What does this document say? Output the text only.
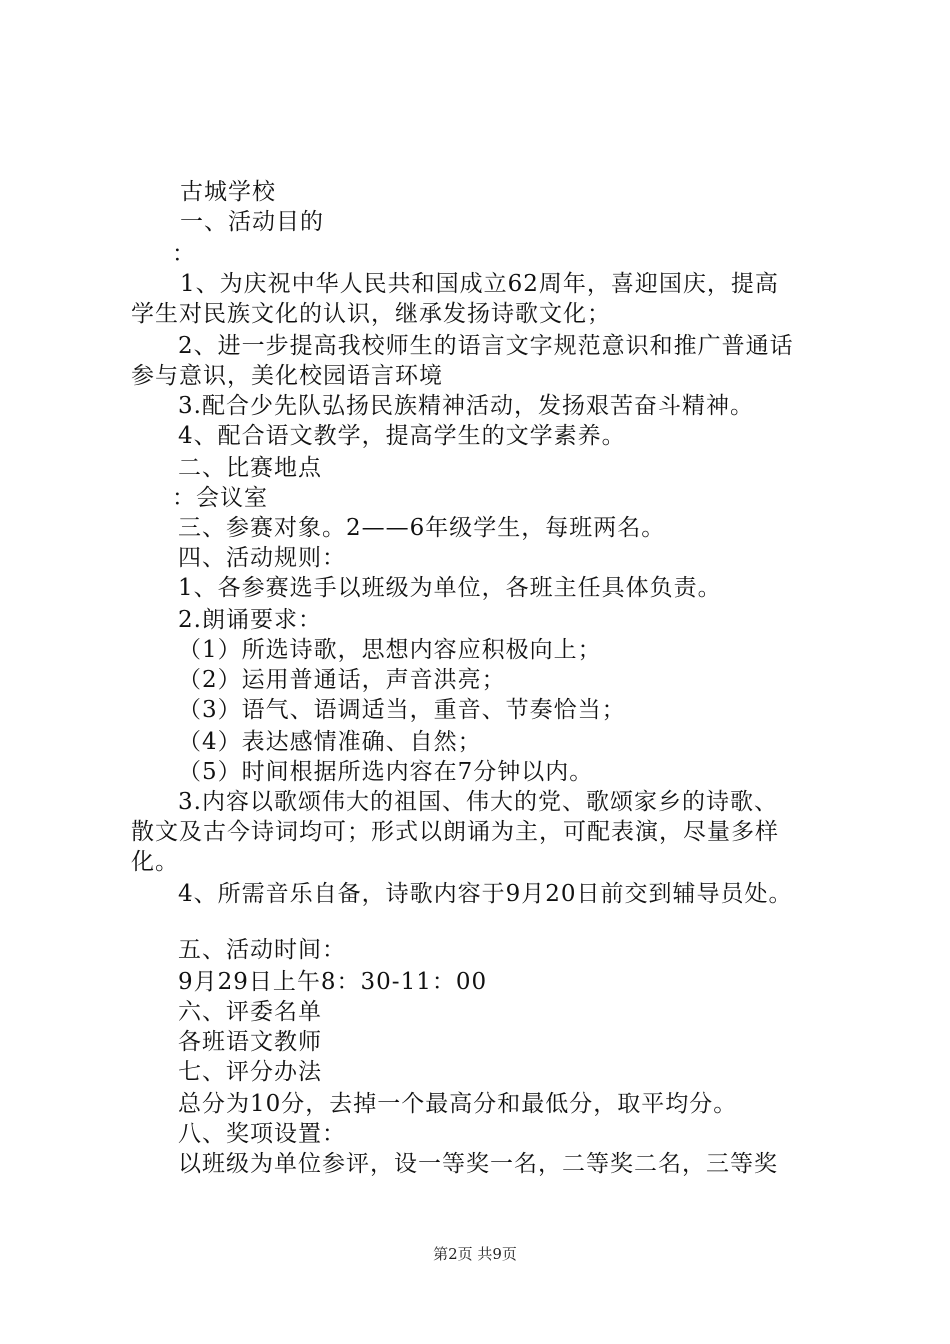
古城学校
一、活动目的
：
1、为庆祝中华人民共和国成立62周年，喜迎国庆，提高
学生对民族文化的认识，继承发扬诗歌文化；
2、进一步提高我校师生的语言文字规范意识和推广普通话
参与意识，美化校园语言环境
3.配合少先队弘扬民族精神活动，发扬艰苦奋斗精神。
4、配合语文教学，提高学生的文学素养。
二、比赛地点
：会议室
三、参赛对象。2——6年级学生，每班两名。
四、活动规则：
1、各参赛选手以班级为单位，各班主任具体负责。
2.朗诵要求：
（1）所选诗歌，思想内容应积极向上；
（2）运用普通话，声音洪亮；
（3）语气、语调适当，重音、节奏恰当；
（4）表达感情准确、自然；
（5）时间根据所选内容在7分钟以内。
3.内容以歌颂伟大的祖国、伟大的党、歌颂家乡的诗歌、
散文及古今诗词均可；形式以朗诵为主，可配表演，尽量多样
化。
4、所需音乐自备，诗歌内容于9月20日前交到辅导员处。
五、活动时间：
9月29日上午8：30-11：00
六、评委名单
各班语文教师
七、评分办法
总分为10分，去掉一个最高分和最低分，取平均分。
八、奖项设置：
以班级为单位参评，设一等奖一名，二等奖二名，三等奖
第2页 共9页
